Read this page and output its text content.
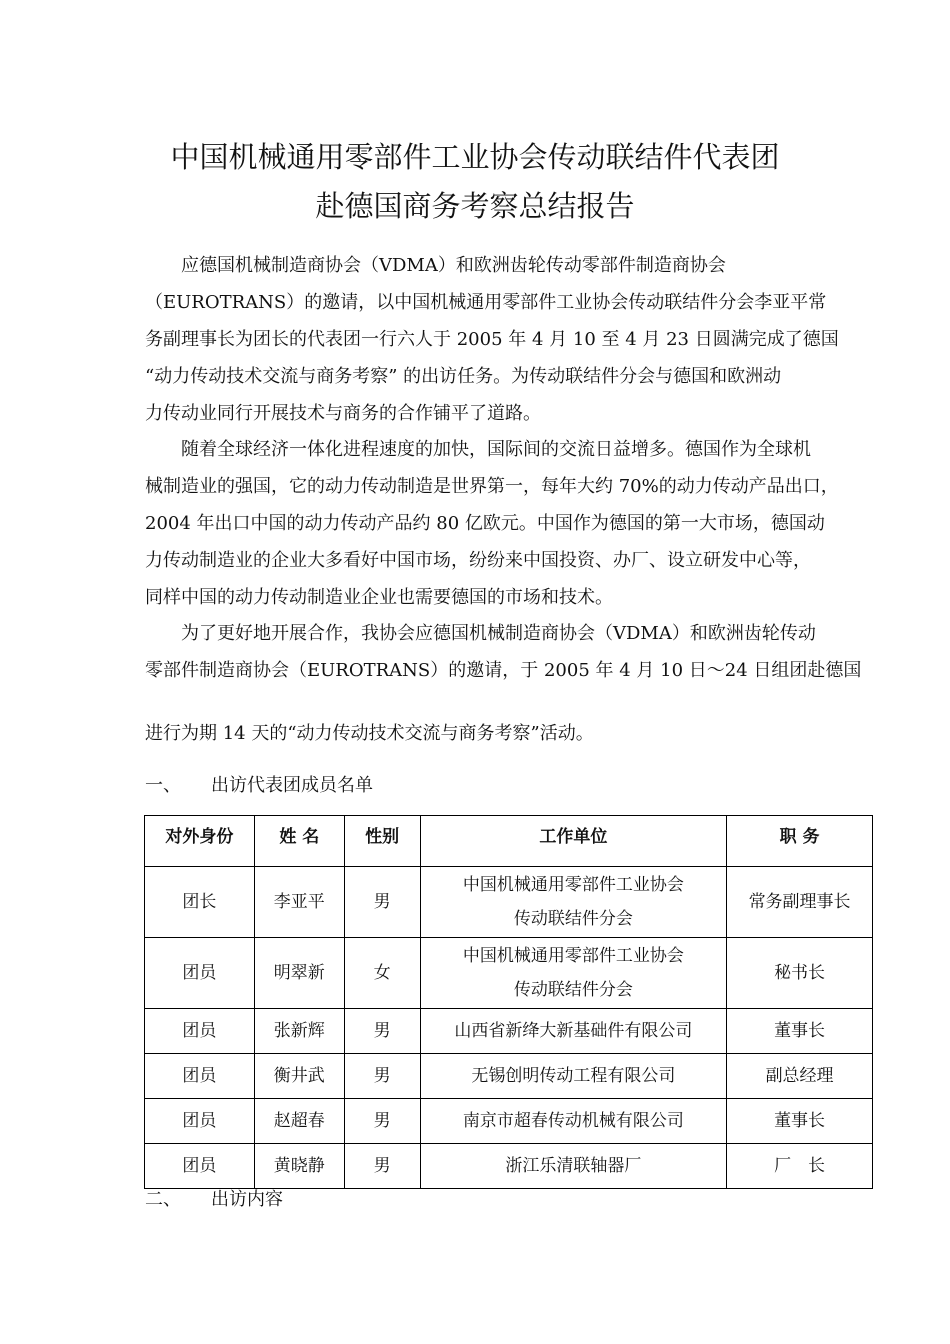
中国机械通用零部件工业协会传动联结件代表团
赴德国商务考察总结报告

　　应德国机械制造商协会（VDMA）和欧洲齿轮传动零部件制造商协会
（EUROTRANS）的邀请，以中国机械通用零部件工业协会传动联结件分会李亚平常
务副理事长为团长的代表团一行六人于 2005 年 4 月 10 至 4 月 23 日圆满完成了德国
“动力传动技术交流与商务考察” 的出访任务。为传动联结件分会与德国和欧洲动
力传动业同行开展技术与商务的合作铺平了道路。

　　随着全球经济一体化进程速度的加快，国际间的交流日益增多。德国作为全球机
械制造业的强国，它的动力传动制造是世界第一，每年大约 70%的动力传动产品出口，
2004 年出口中国的动力传动产品约 80 亿欧元。中国作为德国的第一大市场，德国动
力传动制造业的企业大多看好中国市场，纷纷来中国投资、办厂、设立研发中心等，
同样中国的动力传动制造业企业也需要德国的市场和技术。

　　为了更好地开展合作，我协会应德国机械制造商协会（VDMA）和欧洲齿轮传动
零部件制造商协会（EUROTRANS）的邀请，于 2005 年 4 月 10 日～24 日组团赴德国

进行为期 14 天的“动力传动技术交流与商务考察”活动。

一、 出访代表团成员名单

对外身份	姓 名	性别	工作单位	职 务
团长	李亚平	男	中国机械通用零部件工业协会
传动联结件分会	常务副理事长
团员	明翠新	女	中国机械通用零部件工业协会
传动联结件分会	秘书长
团员	张新辉	男	山西省新绛大新基础件有限公司	董事长
团员	衡井武	男	无锡创明传动工程有限公司	副总经理
团员	赵超春	男	南京市超春传动机械有限公司	董事长
团员	黄晓静	男	浙江乐清联轴器厂	厂　长

二、 出访内容
